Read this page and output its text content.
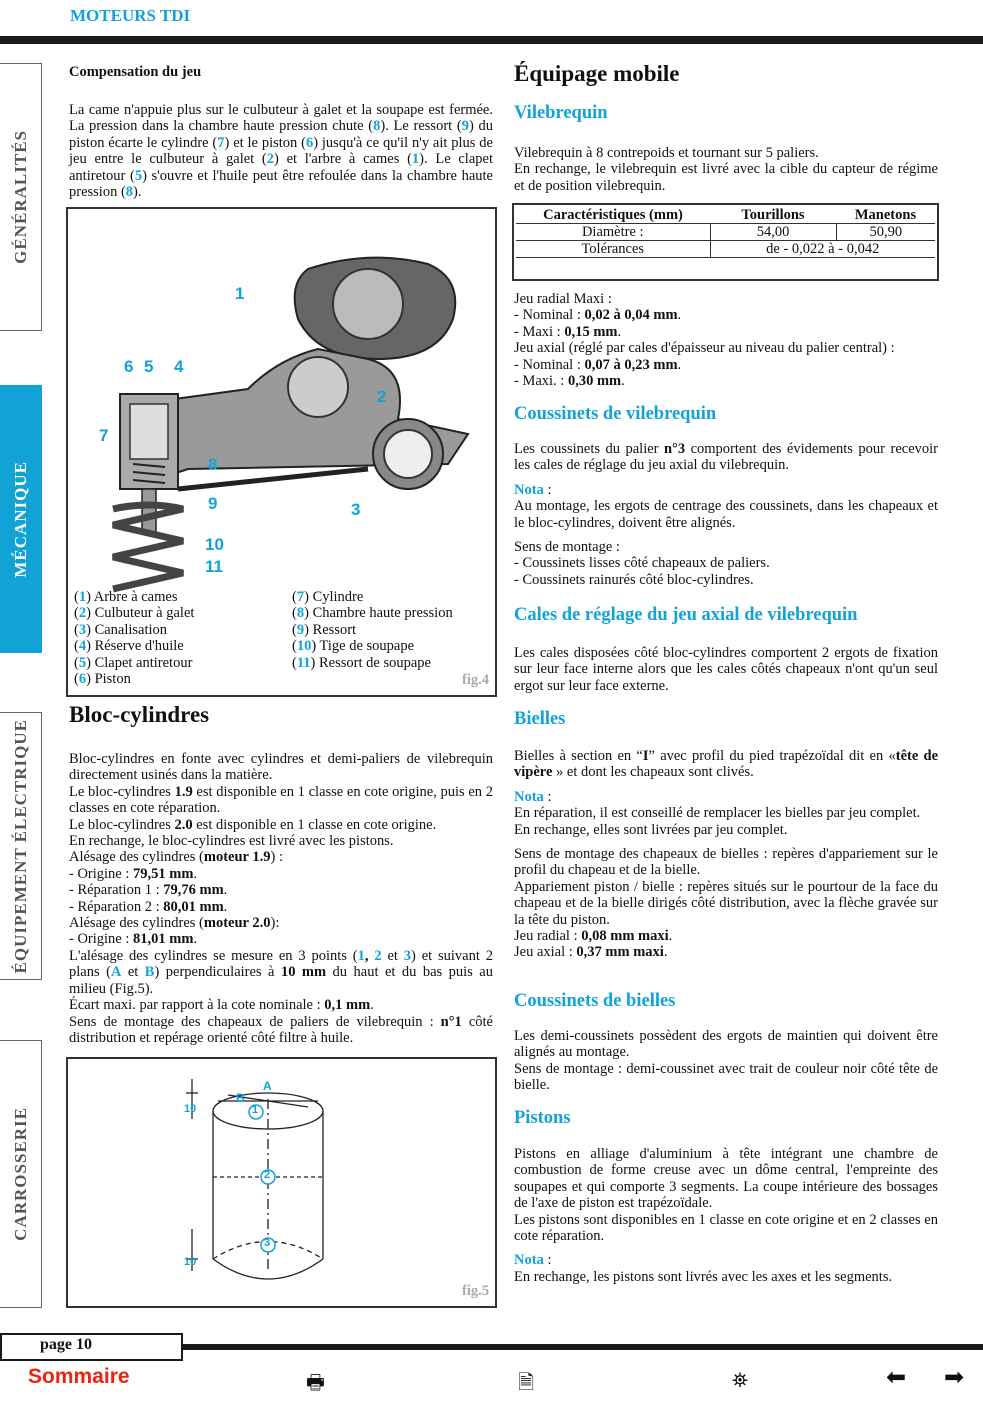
MOTEURS TDI
GÉNÉRALITÉS
MÉCANIQUE
ÉQUIPEMENT ÉLECTRIQUE
CARROSSERIE
Compensation du jeu
La came n'appuie plus sur le culbuteur à galet et la soupape est fermée. La pression dans la chambre haute pression chute (8). Le ressort (9) du piston écarte le cylindre (7) et le piston (6) jusqu'à ce qu'il n'y ait plus de jeu entre le culbuteur à galet (2) et l'arbre à cames (1). Le clapet antiretour (5) s'ouvre et l'huile peut être refoulée dans la chambre haute pression (8).
1
2
3
4
5
6
7
8
9
10
11

(1) Arbre à cames

(2) Culbuteur à galet

(3) Canalisation

(4) Réserve d'huile

(5) Clapet antiretour

(6) Piston

(7) Cylindre

(8) Chambre haute pression

(9) Ressort

(10) Tige de soupape

(11) Ressort de soupape

fig.4
Bloc-cylindres

Bloc-cylindres en fonte avec cylindres et demi-paliers de vilebrequin directement usinés dans la matière.

Le bloc-cylindres 1.9 est disponible en 1 classe en cote origine, puis en 2 classes en cote réparation.

Le bloc-cylindres 2.0 est disponible en 1 classe en cote origine.

En rechange, le bloc-cylindres est livré avec les pistons.

Alésage des cylindres (moteur 1.9) :

- Origine : 79,51 mm.

- Réparation 1 : 79,76 mm.

- Réparation 2 : 80,01 mm.

Alésage des cylindres (moteur 2.0):

- Origine : 81,01 mm.

L'alésage des cylindres se mesure en 3 points (1, 2 et 3) et suivant 2 plans (A et B) perpendiculaires à 10 mm du haut et du bas puis au milieu (Fig.5).

Écart maxi. par rapport à la cote nominale : 0,1 mm.

Sens de montage des chapeaux de paliers de vilebrequin : n°1 côté distribution et repérage orienté côté filtre à huile.

A
B
1
2
3
10
10
fig.5
Équipage mobile
Vilebrequin

Vilebrequin à 8 contrepoids et tournant sur 5 paliers.

En rechange, le vilebrequin est livré avec la cible du capteur de régime et de position vilebrequin.

Caractéristiques (mm)	Tourillons	Manetons
Diamètre :	54,00	50,90
Tolérances	de - 0,022 à - 0,042	

Jeu radial Maxi :

- Nominal : 0,02 à 0,04 mm.

- Maxi : 0,15 mm.

Jeu axial (réglé par cales d'épaisseur au niveau du palier central) :

- Nominal : 0,07 à 0,23 mm.

- Maxi. : 0,30 mm.

Coussinets de vilebrequin

Les coussinets du palier n°3 comportent des évidements pour recevoir les cales de réglage du jeu axial du vilebrequin.

Nota :

Au montage, les ergots de centrage des coussinets, dans les chapeaux et le bloc-cylindres, doivent être alignés.

Sens de montage :

- Coussinets lisses côté chapeaux de paliers.

- Coussinets rainurés côté bloc-cylindres.

Cales de réglage du jeu axial de vilebrequin

Les cales disposées côté bloc-cylindres comportent 2 ergots de fixation sur leur face interne alors que les cales côtés chapeaux n'ont qu'un seul ergot sur leur face externe.

Bielles

Bielles à section en “I” avec profil du pied trapézoïdal dit en «tête de vipère » et dont les chapeaux sont clivés.

Nota :

En réparation, il est conseillé de remplacer les bielles par jeu complet.

En rechange, elles sont livrées par jeu complet.

Sens de montage des chapeaux de bielles : repères d'appariement sur le profil du chapeau et de la bielle.

Appariement piston / bielle : repères situés sur le pourtour de la face du chapeau et de la bielle dirigés côté distribution, avec la flèche gravée sur la tête du piston.

Jeu radial : 0,08 mm maxi.

Jeu axial : 0,37 mm maxi.

Coussinets de bielles

Les demi-coussinets possèdent des ergots de maintien qui doivent être alignés au montage.

Sens de montage : demi-coussinet avec trait de couleur noir côté tête de bielle.

Pistons

Pistons en alliage d'aluminium à tête intégrant une chambre de combustion de forme creuse avec un dôme central, l'empreinte des soupapes et qui comporte 3 segments. La coupe intérieure des bossages de l'axe de piston est trapézoïdale.

Les pistons sont disponibles en 1 classe en cote origine et en 2 classes en cote réparation.

Nota :

En rechange, les pistons sont livrés avec les axes et les segments.

page 10
Sommaire	🖶	🗎	⛯	⬅ ➡
